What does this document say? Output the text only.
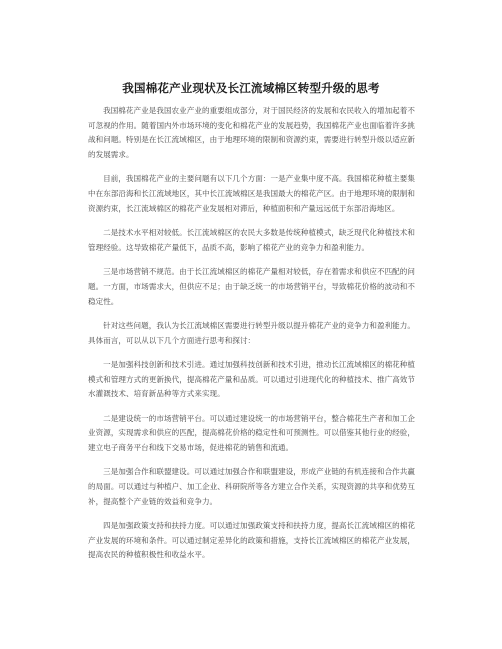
我国棉花产业现状及长江流域棉区转型升级的思考

我国棉花产业是我国农业产业的重要组成部分，对于国民经济的发展和农民收入的增加起着不可忽视的作用。随着国内外市场环境的变化和棉花产业的发展趋势，我国棉花产业也面临着许多挑战和问题。特别是在长江流域棉区，由于地理环境的限制和资源约束，需要进行转型升级以适应新的发展需求。

目前，我国棉花产业的主要问题有以下几个方面：一是产业集中度不高。我国棉花种植主要集中在东部沿海和长江流域地区，其中长江流域棉区是我国最大的棉花产区。由于地理环境的限制和资源约束，长江流域棉区的棉花产业发展相对滞后，种植面积和产量远远低于东部沿海地区。

二是技术水平相对较低。长江流域棉区的农民大多数是传统种植模式，缺乏现代化种植技术和管理经验。这导致棉花产量低下，品质不高，影响了棉花产业的竞争力和盈利能力。

三是市场营销不规范。由于长江流域棉区的棉花产量相对较低，存在着需求和供应不匹配的问题。一方面，市场需求大，但供应不足；由于缺乏统一的市场营销平台，导致棉花价格的波动和不稳定性。

针对这些问题，我认为长江流域棉区需要进行转型升级以提升棉花产业的竞争力和盈利能力。具体而言，可以从以下几个方面进行思考和探讨：

一是加强科技创新和技术引进。通过加强科技创新和技术引进，推动长江流域棉区的棉花种植模式和管理方式的更新换代，提高棉花产量和品质。可以通过引进现代化的种植技术、推广高效节水灌溉技术、培育新品种等方式来实现。

二是建设统一的市场营销平台。可以通过建设统一的市场营销平台，整合棉花生产者和加工企业资源，实现需求和供应的匹配，提高棉花价格的稳定性和可预测性。可以借鉴其他行业的经验，建立电子商务平台和线下交易市场，促进棉花的销售和流通。

三是加强合作和联盟建设。可以通过加强合作和联盟建设，形成产业链的有机连接和合作共赢的局面。可以通过与种植户、加工企业、科研院所等各方建立合作关系，实现资源的共享和优势互补，提高整个产业链的效益和竞争力。

四是加强政策支持和扶持力度。可以通过加强政策支持和扶持力度，提高长江流域棉区的棉花产业发展的环境和条件。可以通过制定差异化的政策和措施，支持长江流域棉区的棉花产业发展，提高农民的种植积极性和收益水平。
